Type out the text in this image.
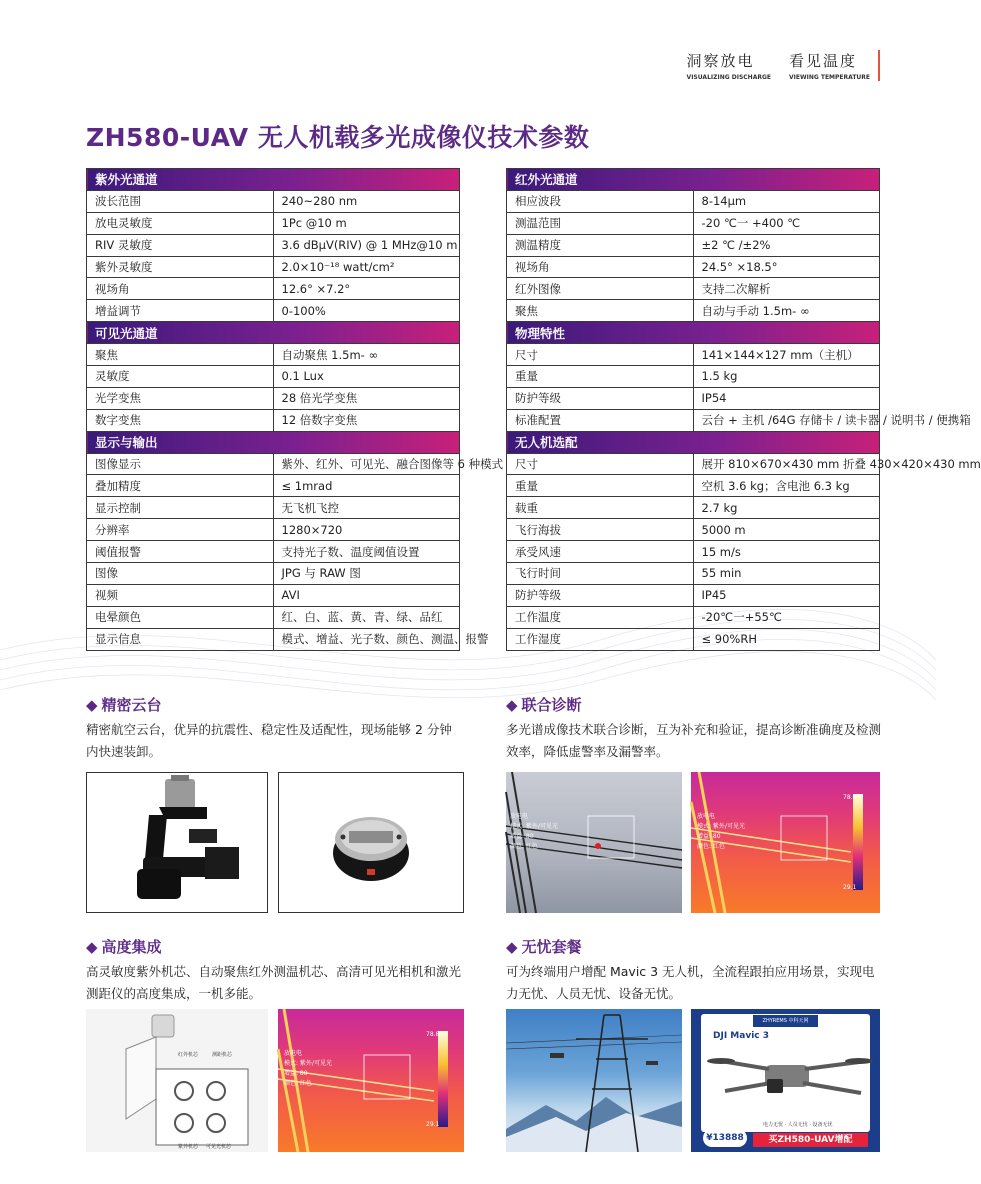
洞察放电
VISUALIZING DISCHARGE
看见温度
VIEWING TEMPERATURE
ZH580-UAV 无人机载多光成像仪技术参数
紫外光通道	
波长范围	240~280 nm
放电灵敏度	1Pc @10 m
RIV 灵敏度	3.6 dBμV(RIV) @ 1 MHz@10 m
紫外灵敏度	2.0×10⁻¹⁸ watt/cm²
视场角	12.6° ×7.2°
增益调节	0-100%
可见光通道	
聚焦	自动聚焦 1.5m- ∞
灵敏度	0.1 Lux
光学变焦	28 倍光学变焦
数字变焦	12 倍数字变焦
显示与输出	
图像显示	紫外、红外、可见光、融合图像等 6 种模式
叠加精度	≤ 1mrad
显示控制	无飞机飞控
分辨率	1280×720
阈值报警	支持光子数、温度阈值设置
图像	JPG 与 RAW 图
视频	AVI
电晕颜色	红、白、蓝、黄、青、绿、品红
显示信息	模式、增益、光子数、颜色、测温、报警
红外光通道	
相应波段	8-14μm
测温范围	-20 ℃一 +400 ℃
测温精度	±2 ℃ /±2%
视场角	24.5° ×18.5°
红外图像	支持二次解析
聚焦	自动与手动 1.5m- ∞
物理特性	
尺寸	141×144×127 mm（主机）
重量	1.5 kg
防护等级	IP54
标准配置	云台 + 主机 /64G 存储卡 / 读卡器 / 说明书 / 便携箱
无人机选配	
尺寸	展开 810×670×430 mm 折叠 430×420×430 mm
重量	空机 3.6 kg；含电池 6.3 kg
载重	2.7 kg
飞行海拔	5000 m
承受风速	15 m/s
飞行时间	55 min
防护等级	IP45
工作温度	-20℃一+55℃
工作湿度	≤ 90%RH
◆ 精密云台

精密航空云台，优异的抗震性、稳定性及适配性，现场能够 2 分钟内快速装卸。

◆ 联合诊断

多光谱成像技术联合诊断，互为补充和验证，提高诊断准确度及检测效率，降低虚警率及漏警率。

放电电
模式: 紫外/可见光
增益: 80
颜色: 红色
78.8
29.1
放电电
模式: 紫外/可见光
增益: 80
颜色: 红色
◆ 高度集成

高灵敏度紫外机芯、自动聚焦红外测温机芯、高清可见光相机和激光测距仪的高度集成，一机多能。

红外机芯	测距机芯
紫外机芯 可见光机芯
78.8
29.1
放电电
模式: 紫外/可见光
增益: 80
颜色: 红色
◆ 无忧套餐

可为终端用户增配 Mavic 3 无人机，全流程跟拍应用场景，实现电力无忧、人员无忧、设备无忧。

ZHYREMS 中科天网
DJI Mavic 3
电力无忧 · 人员无忧 · 设备无忧
买ZH580-UAV增配
¥13888
